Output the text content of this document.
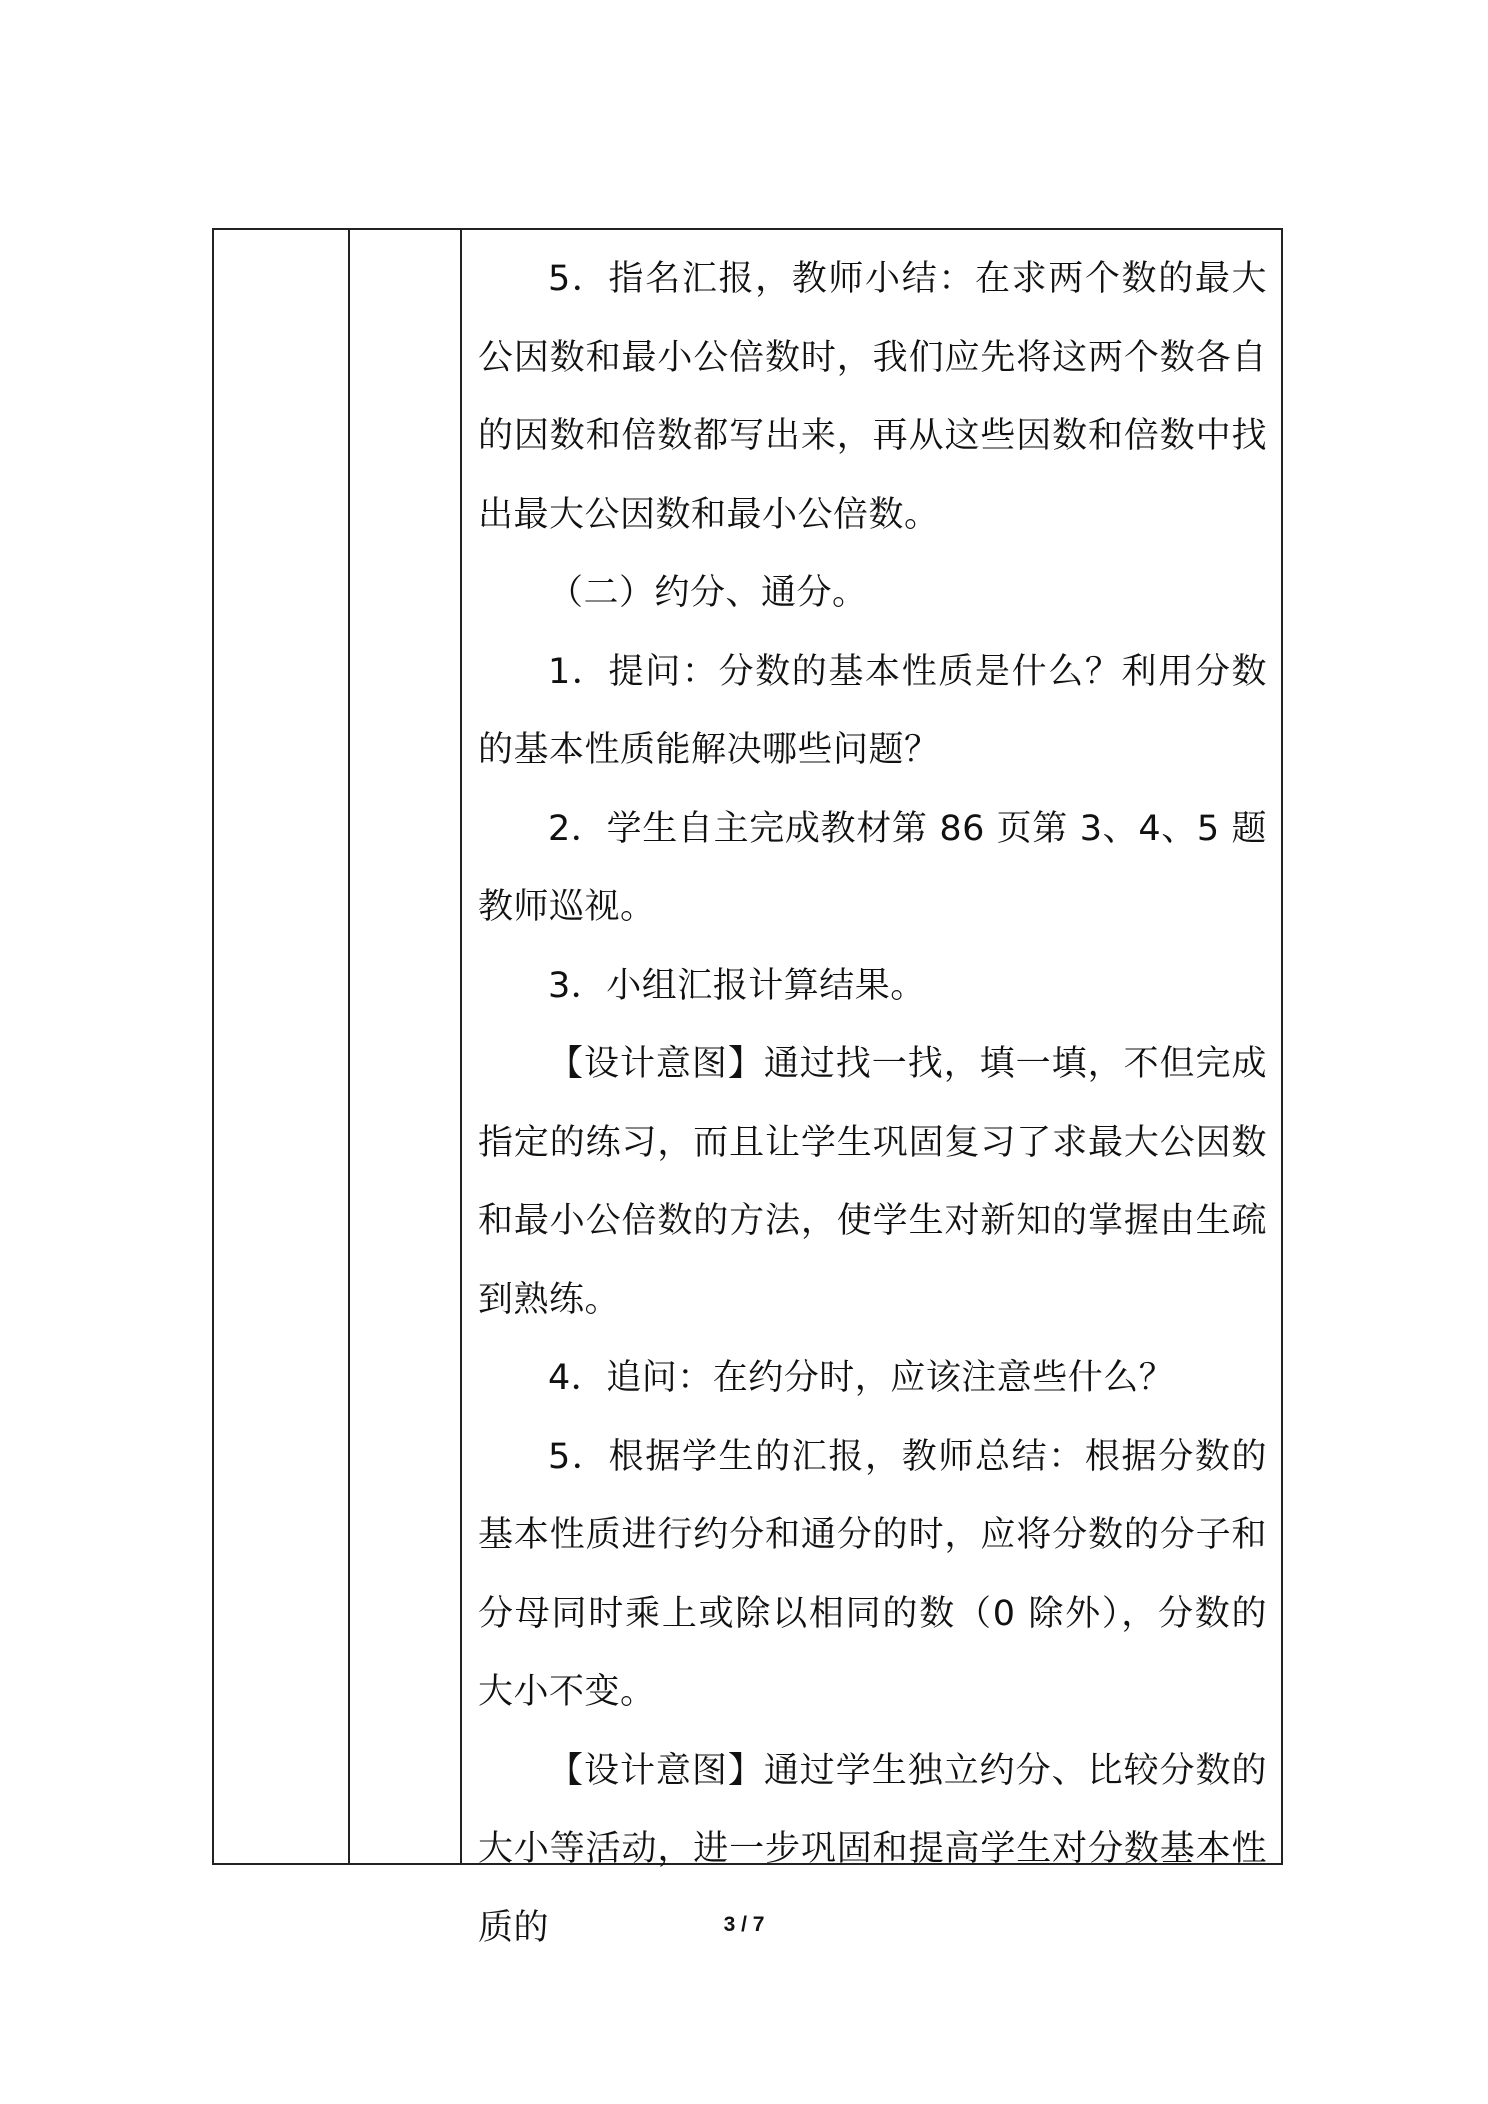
5．指名汇报，教师小结：在求两个数的最大公因数和最小公倍数时，我们应先将这两个数各自的因数和倍数都写出来，再从这些因数和倍数中找出最大公因数和最小公倍数。

（二）约分、通分。

1．提问：分数的基本性质是什么？利用分数的基本性质能解决哪些问题？

2．学生自主完成教材第 86 页第 3、4、5 题教师巡视。

3．小组汇报计算结果。

【设计意图】通过找一找，填一填，不但完成指定的练习，而且让学生巩固复习了求最大公因数和最小公倍数的方法，使学生对新知的掌握由生疏到熟练。

4．追问：在约分时，应该注意些什么？

5．根据学生的汇报，教师总结：根据分数的基本性质进行约分和通分的时，应将分数的分子和分母同时乘上或除以相同的数（0 除外），分数的大小不变。

【设计意图】通过学生独立约分、比较分数的大小等活动，进一步巩固和提高学生对分数基本性质的	3 / 7
